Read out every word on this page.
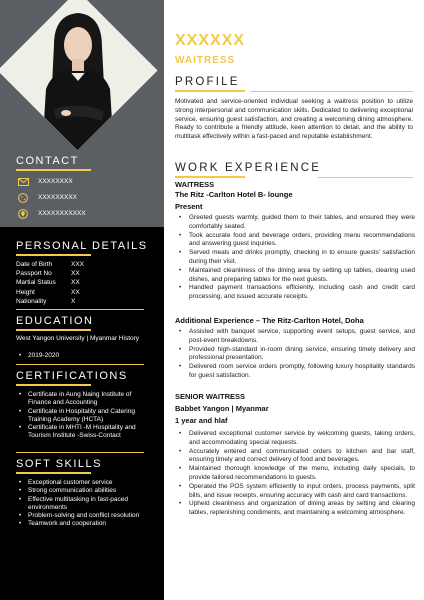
CONTACT
XXXXXXXX
XXXXXXXXX
XXXXXXXXXXX
PERSONAL DETAILS
Date of Birth	XXX
Passport No	XX
Martial Status	XX
Height	XX
Nationality	X
EDUCATION
West Yangon University | Myanmar History
• 2019-2020
CERTIFICATIONS
• Certificate in Aung Naing Institute of Finance and Accounting
• Certificate in Hospitality and Catering Training Academy (HCTA)
• Certificate in MHTI -M Hospitality and Tourism Institute -Swiss-Contact
SOFT SKILLS
• Exceptional customer service
• Strong communication abilities
• Effective multitasking in fast-paced environments
• Problem-solving and conflict resolution
• Teamwork and cooperation
XXXXXX
WAITRESS
PROFILE
Motivated and service-oriented individual seeking a waitress position to utilize strong interpersonal and communication skills. Dedicated to delivering exceptional service, ensuring guest satisfaction, and creating a welcoming dining atmosphere. Ready to contribute a friendly attitude, keen attention to detail, and the ability to multitask effectively within a fast-paced and reputable establishment.
WORK EXPERIENCE
WAITRESS
The Ritz -Carlton Hotel B- lounge
Present
• Greeted guests warmly, guided them to their tables, and ensured they were comfortably seated.
• Took accurate food and beverage orders, providing menu recommendations and answering guest inquiries.
• Served meals and drinks promptly, checking in to ensure guests' satisfaction during their visit.
• Maintained cleanliness of the dining area by setting up tables, clearing used dishes, and preparing tables for the next guests.
• Handled payment transactions efficiently, including cash and credit card processing, and issued accurate receipts.
Additional Experience – The Ritz-Carlton Hotel, Doha
• Assisted with banquet service, supporting event setups, guest service, and post-event breakdowns.
• Provided high-standard in-room dining service, ensuring timely delivery and professional presentation.
• Delivered room service orders promptly, following luxury hospitality standards for guest satisfaction.
SENIOR WAITRESS
Babbet Yangon | Myanmar
1 year and hlaf
• Delivered exceptional customer service by welcoming guests, taking orders, and accommodating special requests.
• Accurately entered and communicated orders to kitchen and bar staff, ensuring timely and correct delivery of food and beverages.
• Maintained thorough knowledge of the menu, including daily specials, to provide tailored recommendations to guests.
• Operated the POS system efficiently to input orders, process payments, split bills, and issue receipts, ensuring accuracy with cash and card transactions.
• Upheld cleanliness and organization of dining areas by setting and clearing tables, replenishing condiments, and maintaining a welcoming atmosphere.
